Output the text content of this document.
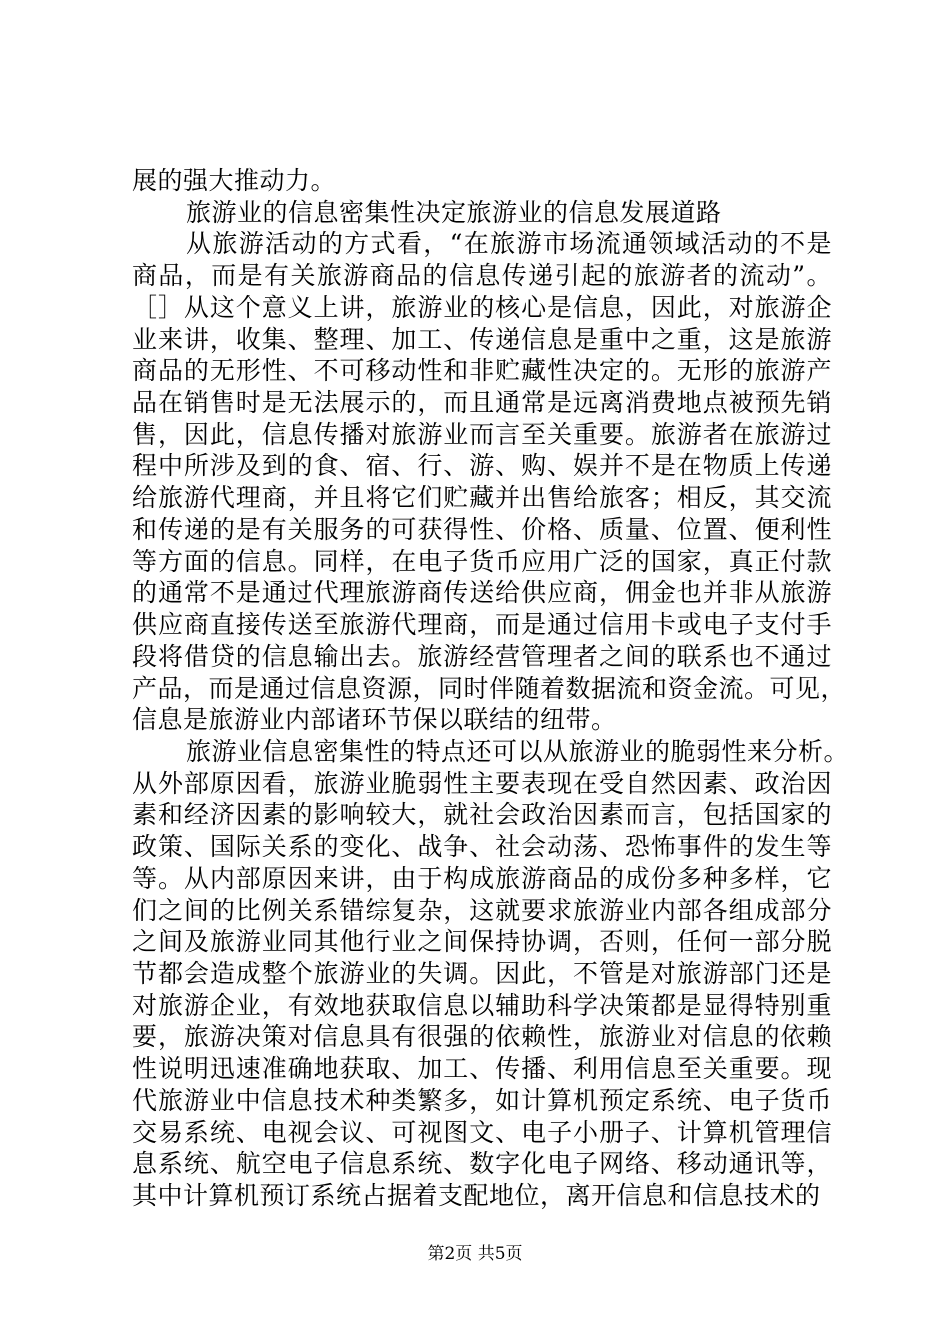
展的强大推动力。
旅游业的信息密集性决定旅游业的信息发展道路
从旅游活动的方式看，“在旅游市场流通领域活动的不是
商品，而是有关旅游商品的信息传递引起的旅游者的流动”。
［］从这个意义上讲，旅游业的核心是信息，因此，对旅游企
业来讲，收集、整理、加工、传递信息是重中之重，这是旅游
商品的无形性、不可移动性和非贮藏性决定的。无形的旅游产
品在销售时是无法展示的，而且通常是远离消费地点被预先销
售，因此，信息传播对旅游业而言至关重要。旅游者在旅游过
程中所涉及到的食、宿、行、游、购、娱并不是在物质上传递
给旅游代理商，并且将它们贮藏并出售给旅客；相反，其交流
和传递的是有关服务的可获得性、价格、质量、位置、便利性
等方面的信息。同样，在电子货币应用广泛的国家，真正付款
的通常不是通过代理旅游商传送给供应商，佣金也并非从旅游
供应商直接传送至旅游代理商，而是通过信用卡或电子支付手
段将借贷的信息输出去。旅游经营管理者之间的联系也不通过
产品，而是通过信息资源，同时伴随着数据流和资金流。可见，
信息是旅游业内部诸环节保以联结的纽带。
旅游业信息密集性的特点还可以从旅游业的脆弱性来分析。
从外部原因看，旅游业脆弱性主要表现在受自然因素、政治因
素和经济因素的影响较大，就社会政治因素而言，包括国家的
政策、国际关系的变化、战争、社会动荡、恐怖事件的发生等
等。从内部原因来讲，由于构成旅游商品的成份多种多样，它
们之间的比例关系错综复杂，这就要求旅游业内部各组成部分
之间及旅游业同其他行业之间保持协调，否则，任何一部分脱
节都会造成整个旅游业的失调。因此，不管是对旅游部门还是
对旅游企业，有效地获取信息以辅助科学决策都是显得特别重
要，旅游决策对信息具有很强的依赖性，旅游业对信息的依赖
性说明迅速准确地获取、加工、传播、利用信息至关重要。现
代旅游业中信息技术种类繁多，如计算机预定系统、电子货币
交易系统、电视会议、可视图文、电子小册子、计算机管理信
息系统、航空电子信息系统、数字化电子网络、移动通讯等，
其中计算机预订系统占据着支配地位，离开信息和信息技术的
第2页 共5页
